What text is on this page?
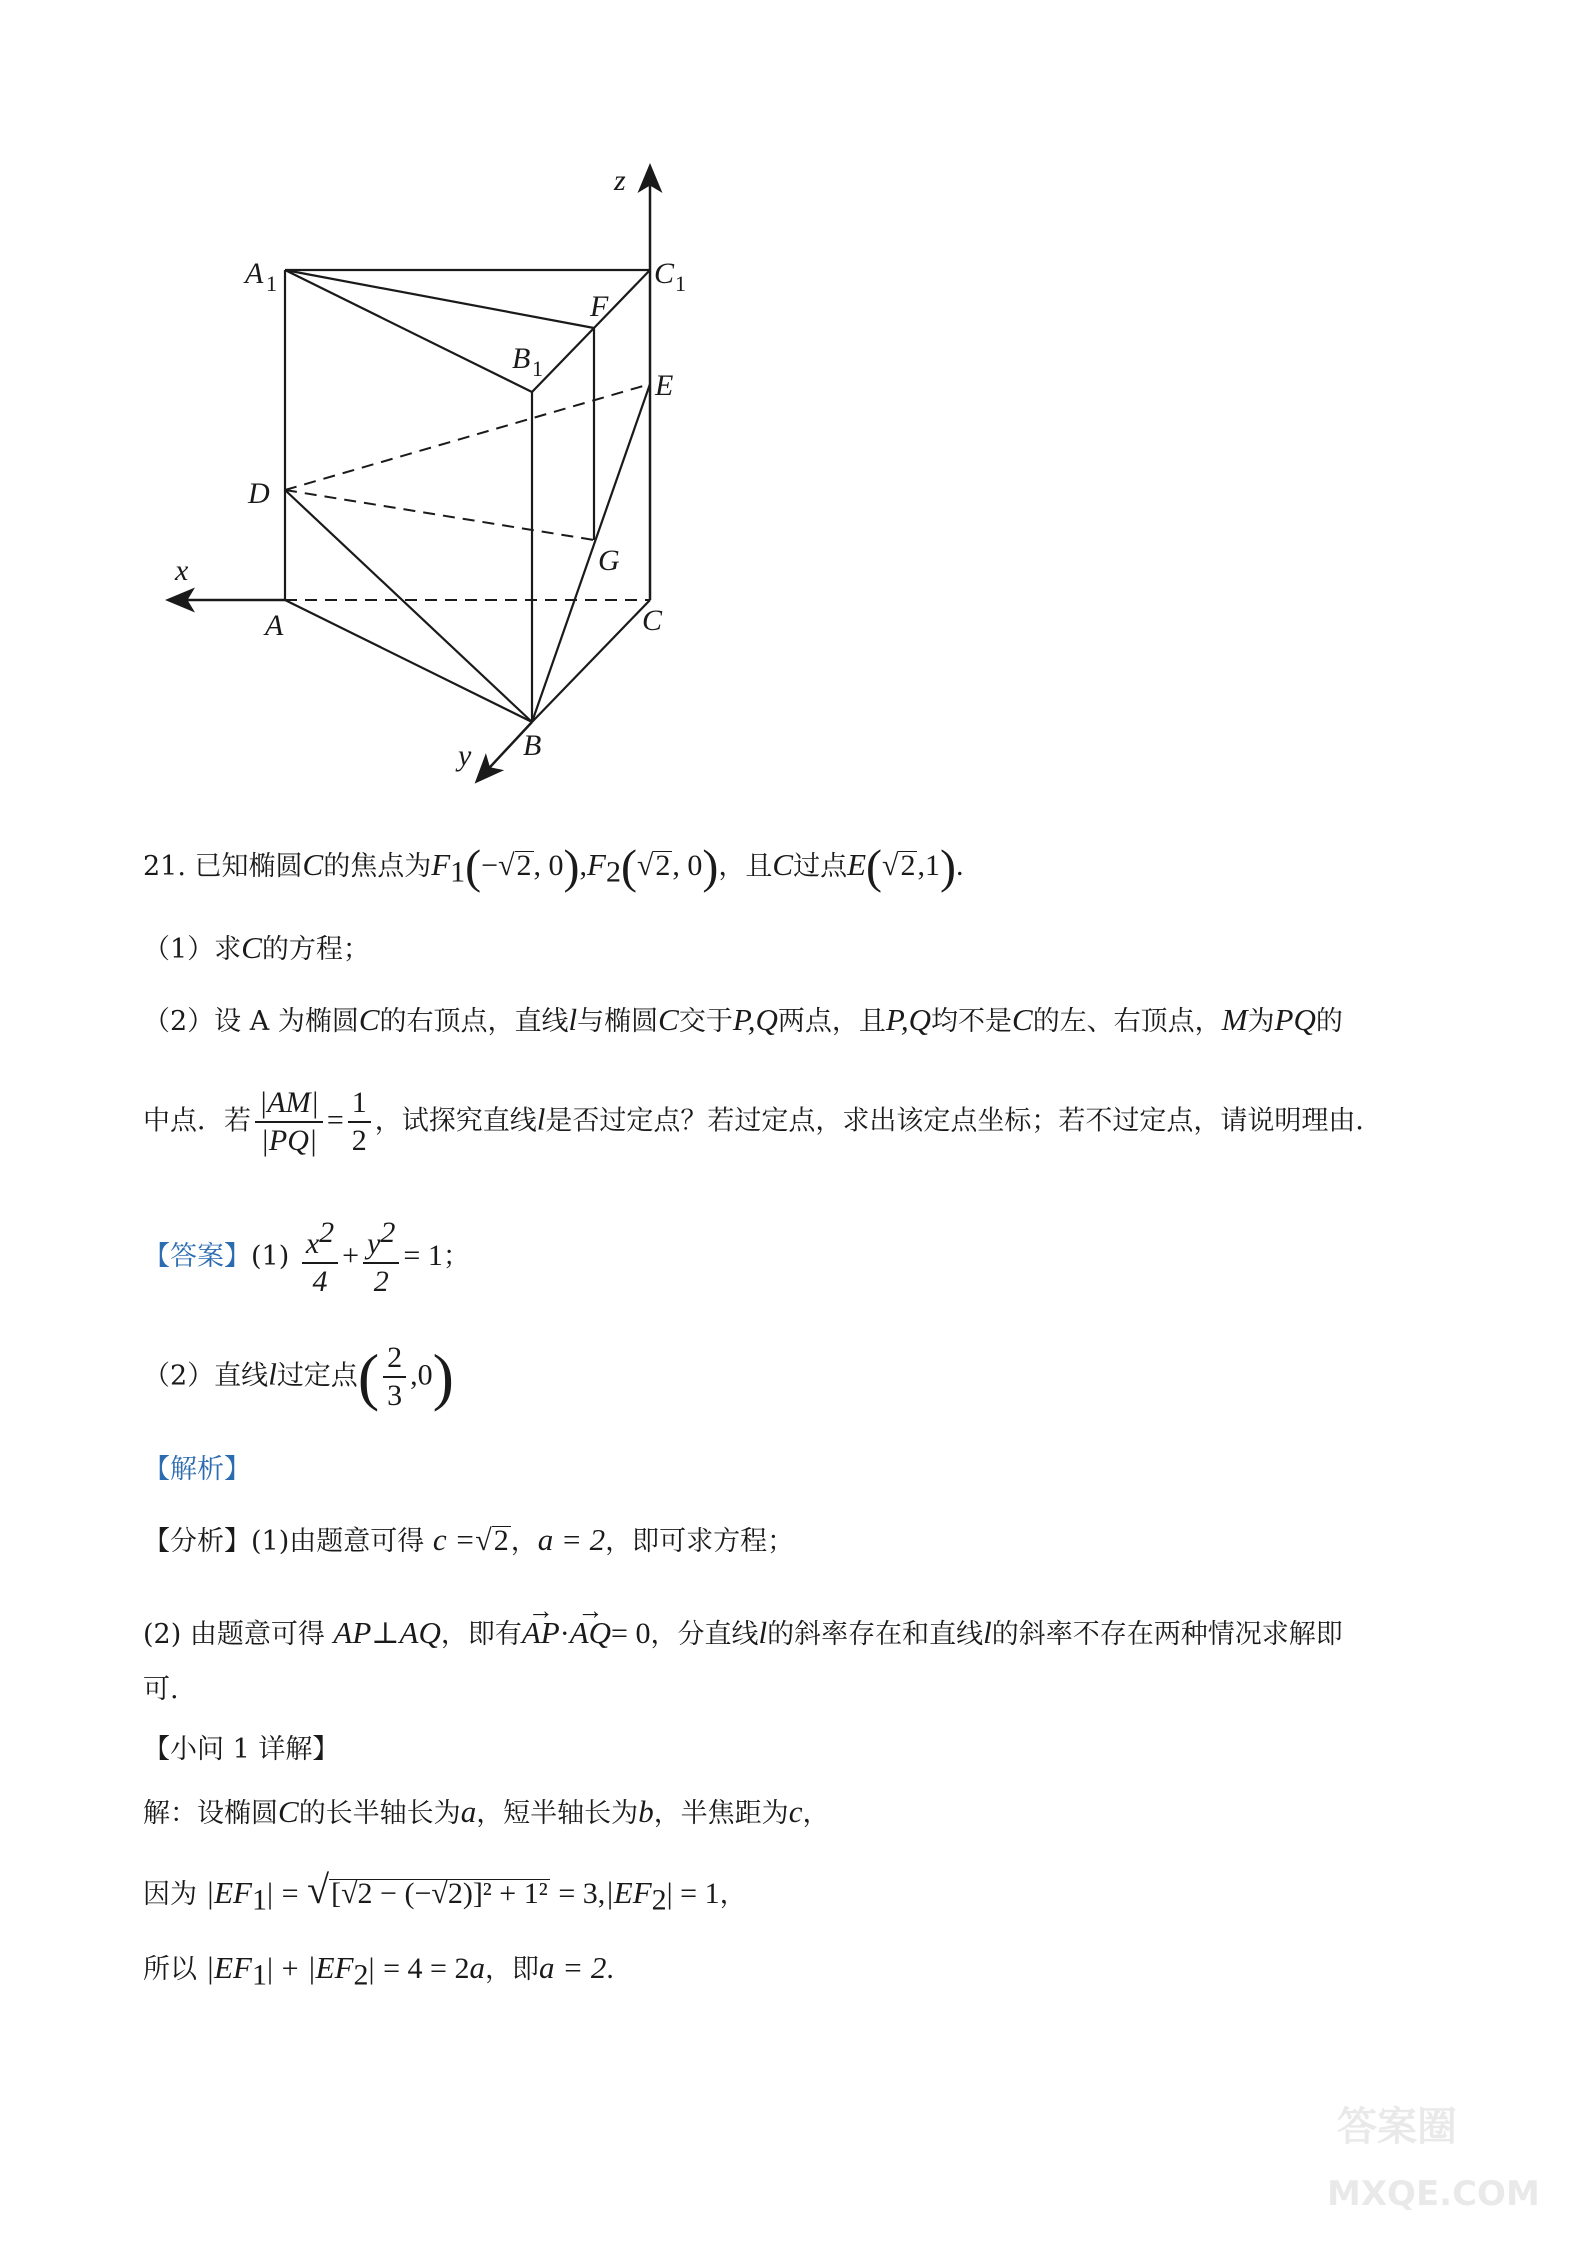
z
x
y
A 1	C 1
B 1
F
E
D
G
A	C
B
21. 已知椭圆C的焦点为$F_1(-√2$, $0),F_2(√2$, 0)，且C过点E(√2,1).
（1）求C的方程；
（2）设 A 为椭圆C的右顶点，直线l与椭圆C交于P,Q两点，且P,Q均不是C的左、右顶点，M为PQ的
中点．若 $\frac{|AM|}{|PQ|} = \frac{1}{2}$ ，试探究直线l是否过定点？若过定点，求出该定点坐标；若不过定点，请说明理由．
【答案】$(1) \frac{x^2}{4} + \frac{y^2}{2} = 1$；
（2）直线l过定点( $\frac{2}{3} ,0$)
【解析】
【分析】(1)由题意可得 c =√2，a = 2，即可求方程；
(2) 由题意可得 AP⊥AQ，即有→ AP·→ AQ= 0，分直线l的斜率存在和直线l的斜率不存在两种情况求解即
可.
【小问 1 详解】
解：设椭圆C的长半轴长为a，短半轴长为b，半焦距为c，
因为 $|EF_1| = √[√2 - (-√2)]^2 + 1^2 = 3,|EF_2| = 1$，
所以 $|EF_1| + |EF_2| = 4 = 2a$，即a = 2.
答案圈
MXQE.COM
